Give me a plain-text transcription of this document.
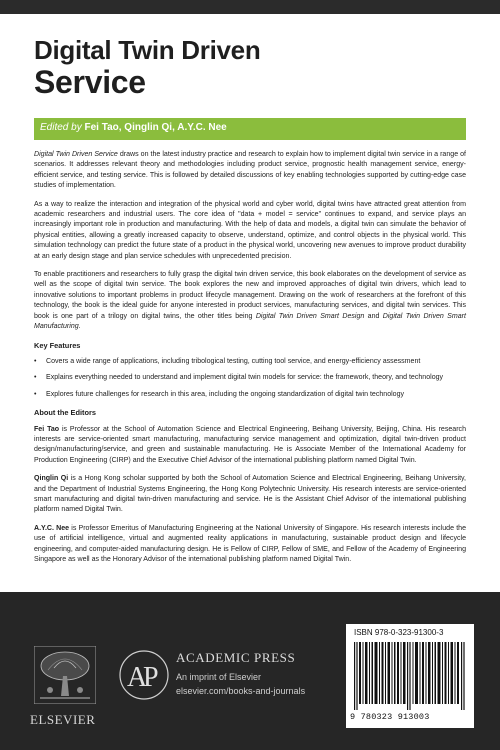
Digital Twin Driven
Service
Edited by Fei Tao, Qinglin Qi, A.Y.C. Nee

Digital Twin Driven Service draws on the latest industry practice and research to explain how to implement digital twin service in a range of scenarios. It addresses relevant theory and methodologies including product service, prognostic health management service, energy-efficient service, and testing service. This is followed by detailed discussions of key enabling technologies supported by cutting-edge case studies of implementation.

As a way to realize the interaction and integration of the physical world and cyber world, digital twins have attracted great attention from academic researchers and industrial users. The core idea of "data + model = service" continues to expand, and service plays an increasingly important role in production and manufacturing. With the help of data and models, a digital twin can simulate the behavior of physical entities, allowing a greatly increased capacity to observe, understand, optimize, and control objects in the physical world. This simulation technology can predict the future state of a product in the physical world, uncovering new avenues to improve product durability at an early design stage and plan service schedules with unprecedented precision.

To enable practitioners and researchers to fully grasp the digital twin driven service, this book elaborates on the development of service as well as the scope of digital twin service. The book explores the new and improved approaches of digital twin drivers, which lead to innovative solutions to important problems in product lifecycle management. Drawing on the work of researchers at the forefront of this technology, the book is the ideal guide for anyone interested in product services, manufacturing services, and digital twin services. This book is one part of a trilogy on digital twins, the other titles being Digital Twin Driven Smart Design and Digital Twin Driven Smart Manufacturing.

Key Features
• Covers a wide range of applications, including tribological testing, cutting tool service, and energy-efficiency assessment
• Explains everything needed to understand and implement digital twin models for service: the framework, theory, and technology
• Explores future challenges for research in this area, including the ongoing standardization of digital twin technology
About the Editors

Fei Tao is Professor at the School of Automation Science and Electrical Engineering, Beihang University, Beijing, China. His research interests are service-oriented smart manufacturing, manufacturing service management and optimization, digital twin-driven product design/manufacturing/service, and green and sustainable manufacturing. He is Associate Member of the International Academy for Production Engineering (CIRP) and the Executive Chief Advisor of the international publishing platform named Digital Twin.

Qinglin Qi is a Hong Kong scholar supported by both the School of Automation Science and Electrical Engineering, Beihang University, and the Department of Industrial Systems Engineering, the Hong Kong Polytechnic University. His research interests are service-oriented smart manufacturing and digital twin-driven manufacturing and service. He is the Assistant Chief Advisor of the international publishing platform named Digital Twin.

A.Y.C. Nee is Professor Emeritus of Manufacturing Engineering at the National University of Singapore. His research interests include the use of artificial intelligence, virtual and augmented reality applications in manufacturing, sustainable product design and lifecycle engineering, and computer-aided manufacturing design. He is Fellow of CIRP, Fellow of SME, and Fellow of the Academy of Engineering Singapore as well as the Honorary Advisor of the international publishing platform named Digital Twin.

ELSEVIER
A
P
ACADEMIC PRESS
An imprint of Elsevier
elsevier.com/books-and-journals
ISBN 978-0-323-91300-3
9 780323 913003
